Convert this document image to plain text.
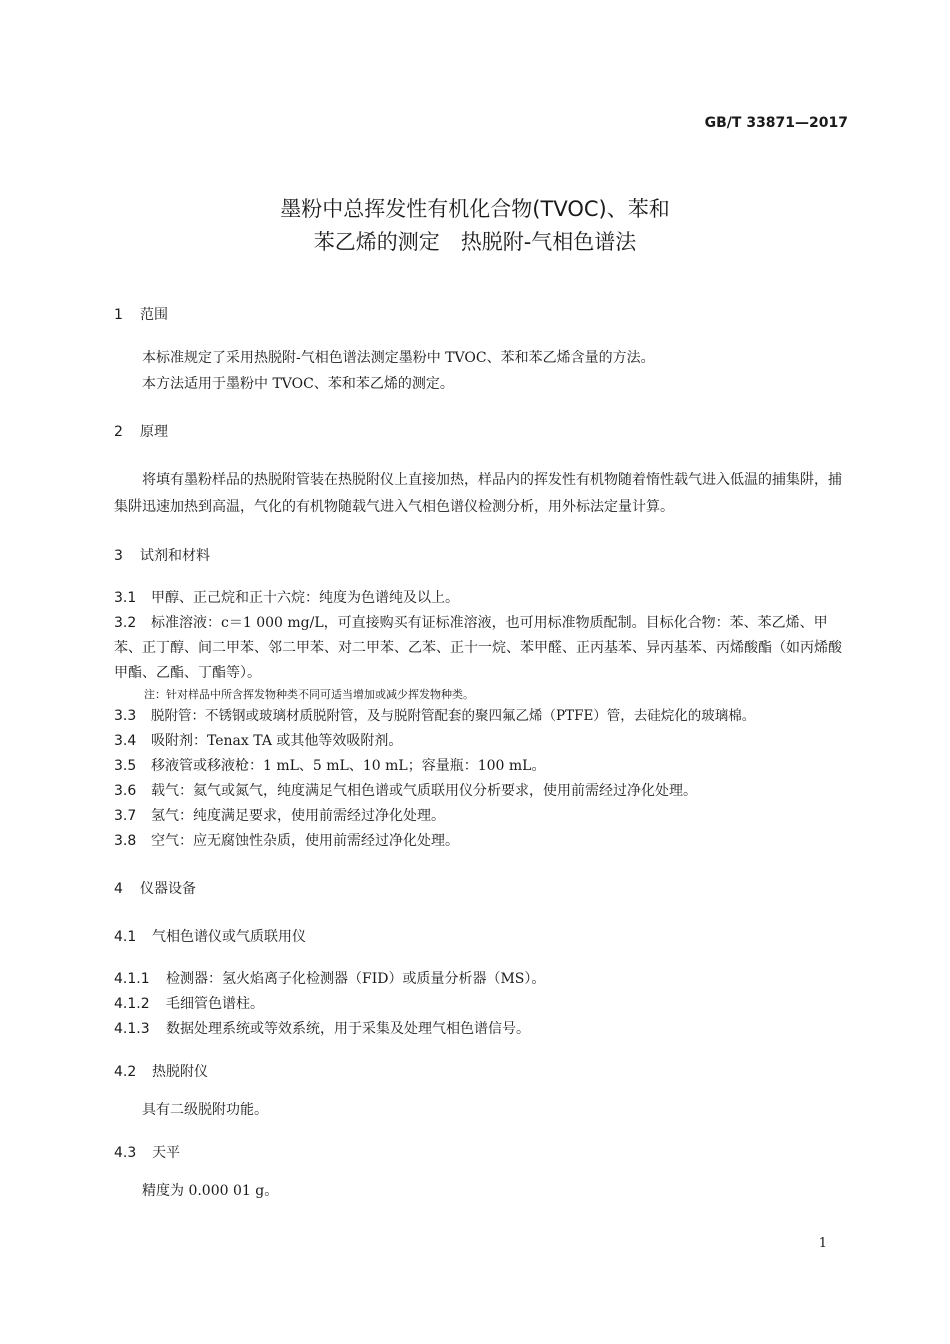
GB/T 33871—2017
墨粉中总挥发性有机化合物(TVOC)、苯和
苯乙烯的测定　热脱附-气相色谱法
1 范围

本标准规定了采用热脱附-气相色谱法测定墨粉中 TVOC、苯和苯乙烯含量的方法。

本方法适用于墨粉中 TVOC、苯和苯乙烯的测定。

2 原理

将填有墨粉样品的热脱附管装在热脱附仪上直接加热，样品内的挥发性有机物随着惰性载气进入低温的捕集阱，捕集阱迅速加热到高温，气化的有机物随载气进入气相色谱仪检测分析，用外标法定量计算。

3 试剂和材料

3.1 甲醇、正己烷和正十六烷：纯度为色谱纯及以上。

3.2 标准溶液：c＝1 000 mg/L，可直接购买有证标准溶液，也可用标准物质配制。目标化合物：苯、苯乙烯、甲苯、正丁醇、间二甲苯、邻二甲苯、对二甲苯、乙苯、正十一烷、苯甲醛、正丙基苯、异丙基苯、丙烯酸酯（如丙烯酸甲酯、乙酯、丁酯等）。

注：针对样品中所含挥发物种类不同可适当增加或减少挥发物种类。

3.3 脱附管：不锈钢或玻璃材质脱附管，及与脱附管配套的聚四氟乙烯（PTFE）管，去硅烷化的玻璃棉。

3.4 吸附剂：Tenax TA 或其他等效吸附剂。

3.5 移液管或移液枪：1 mL、5 mL、10 mL；容量瓶：100 mL。

3.6 载气：氦气或氮气，纯度满足气相色谱或气质联用仪分析要求，使用前需经过净化处理。

3.7 氢气：纯度满足要求，使用前需经过净化处理。

3.8 空气：应无腐蚀性杂质，使用前需经过净化处理。

4 仪器设备
4.1 气相色谱仪或气质联用仪

4.1.1 检测器：氢火焰离子化检测器（FID）或质量分析器（MS）。

4.1.2 毛细管色谱柱。

4.1.3 数据处理系统或等效系统，用于采集及处理气相色谱信号。

4.2 热脱附仪

具有二级脱附功能。

4.3 天平

精度为 0.000 01 g。

1
